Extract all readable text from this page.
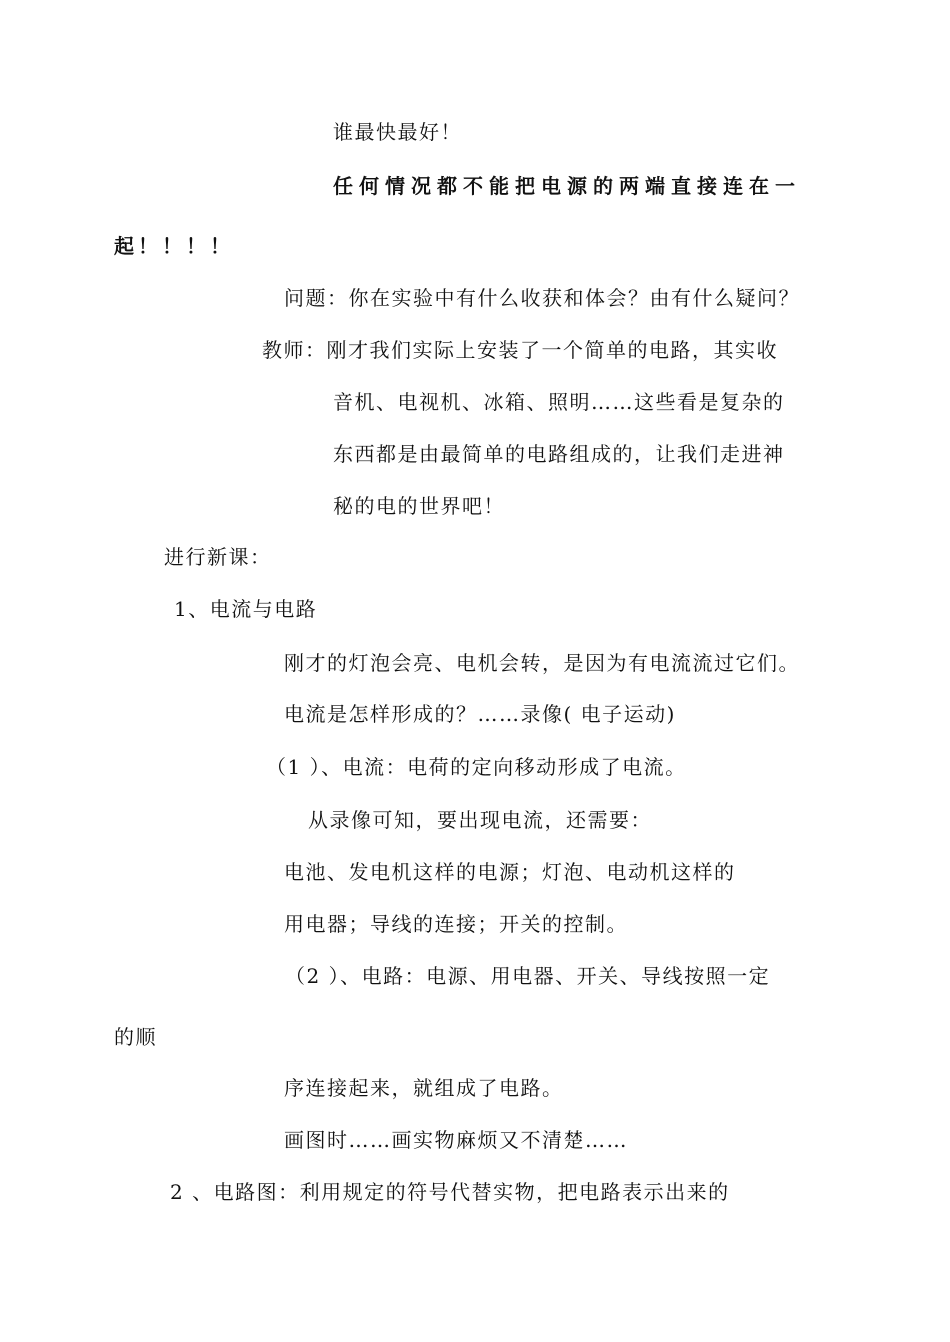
谁最快最好！
任何情况都不能把电源的两端直接连在一
起！！！！
问题：你在实验中有什么收获和体会？由有什么疑问？
教师：刚才我们实际上安装了一个简单的电路，其实收
音机、电视机、冰箱、照明……这些看是复杂的
东西都是由最简单的电路组成的，让我们走进神
秘的电的世界吧！
进行新课：
1、电流与电路
刚才的灯泡会亮、电机会转，是因为有电流流过它们。
电流是怎样形成的？……录像( 电子运动)
（1 ）、电流：电荷的定向移动形成了电流。
从录像可知，要出现电流，还需要：
电池、发电机这样的电源；灯泡、电动机这样的
用电器；导线的连接；开关的控制。
（2 ）、电路：电源、用电器、开关、导线按照一定
的顺
序连接起来，就组成了电路。
画图时……画实物麻烦又不清楚……
2 、电路图：利用规定的符号代替实物，把电路表示出来的
